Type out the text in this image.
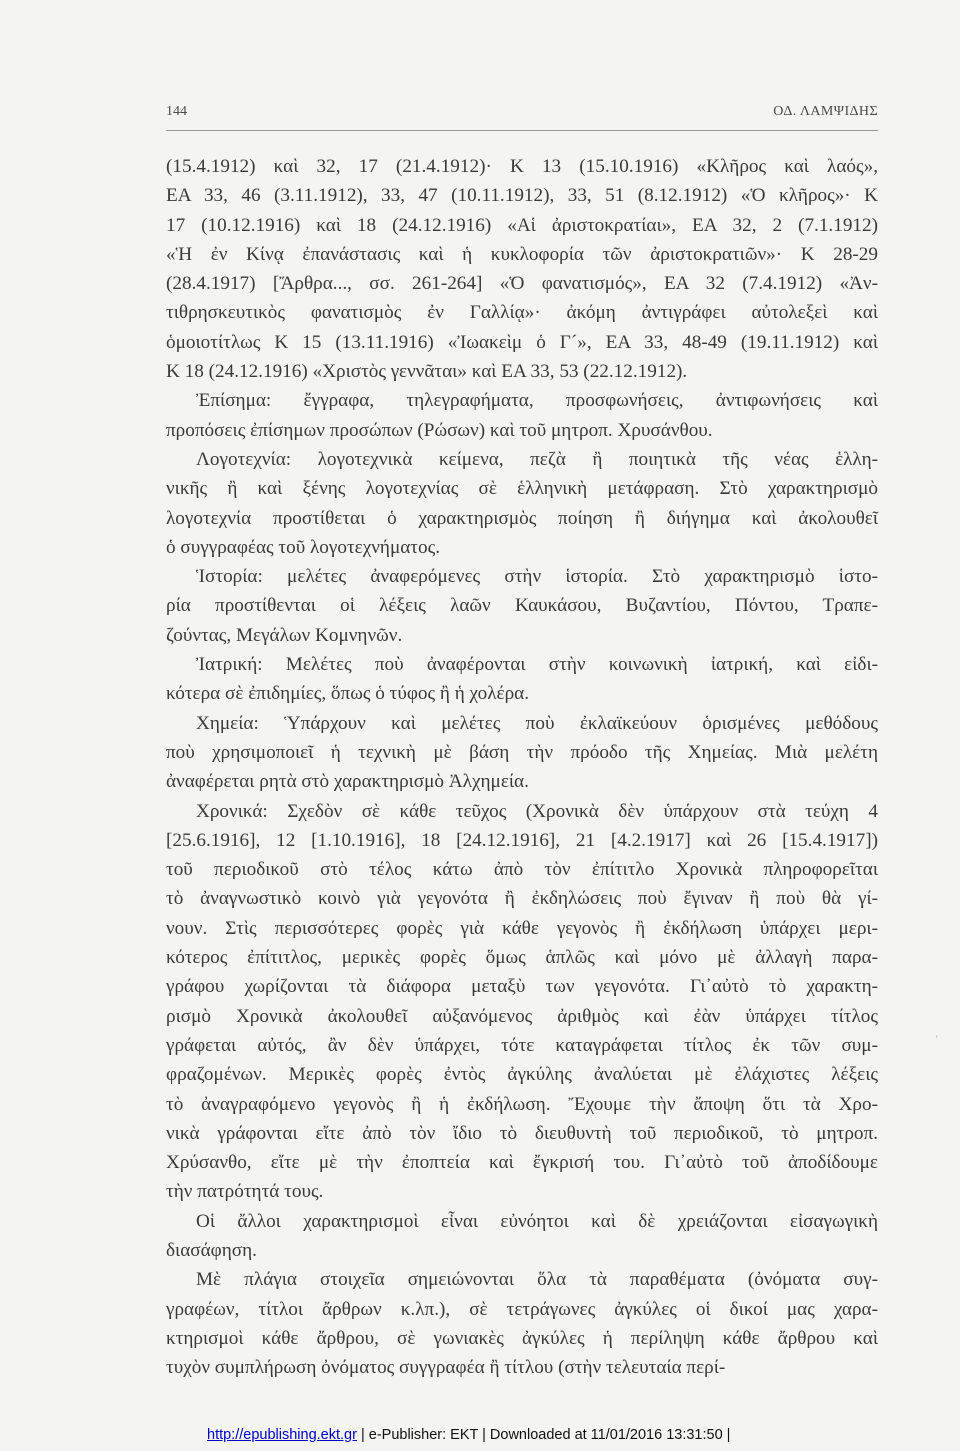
144	ΟΔ. ΛΑΜΨΙΔΗΣ
(15.4.1912) καὶ 32, 17 (21.4.1912)· Κ 13 (15.10.1916) «Κλῆρος καὶ λαός»,
ΕΑ 33, 46 (3.11.1912), 33, 47 (10.11.1912), 33, 51 (8.12.1912) «Ὁ κλῆρος»· Κ
17 (10.12.1916) καὶ 18 (24.12.1916) «Αἱ ἀριστοκρατίαι», ΕΑ 32, 2 (7.1.1912)
«Ἡ ἐν Κίνᾳ ἐπανάστασις καὶ ἡ κυκλοφορία τῶν ἀριστοκρατιῶν»· Κ 28-29
(28.4.1917) [Ἄρθρα..., σσ. 261-264] «Ὁ φανατισμός», ΕΑ 32 (7.4.1912) «Ἀν-
τιθρησκευτικὸς φανατισμὸς ἐν Γαλλίᾳ»· ἀκόμη ἀντιγράφει αὐτολεξεὶ καὶ
ὁμοιοτίτλως Κ 15 (13.11.1916) «Ἰωακεὶμ ὁ Γ´», ΕΑ 33, 48-49 (19.11.1912) καὶ
Κ 18 (24.12.1916) «Χριστὸς γεννᾶται» καὶ ΕΑ 33, 53 (22.12.1912).
Ἐπίσημα: ἔγγραφα, τηλεγραφήματα, προσφωνήσεις, ἀντιφωνήσεις καὶ
προπόσεις ἐπίσημων προσώπων (Ρώσων) καὶ τοῦ μητροπ. Χρυσάνθου.
Λογοτεχνία: λογοτεχνικὰ κείμενα, πεζὰ ἢ ποιητικὰ τῆς νέας ἑλλη-
νικῆς ἢ καὶ ξένης λογοτεχνίας σὲ ἑλληνικὴ μετάφραση. Στὸ χαρακτηρισμὸ
λογοτεχνία προστίθεται ὁ χαρακτηρισμὸς ποίηση ἢ διήγημα καὶ ἀκολουθεῖ
ὁ συγγραφέας τοῦ λογοτεχνήματος.
Ἱστορία: μελέτες ἀναφερόμενες στὴν ἱστορία. Στὸ χαρακτηρισμὸ ἱστο-
ρία προστίθενται οἱ λέξεις λαῶν Καυκάσου, Βυζαντίου, Πόντου, Τραπε-
ζούντας, Μεγάλων Κομνηνῶν.
Ἰατρική: Μελέτες ποὺ ἀναφέρονται στὴν κοινωνικὴ ἰατρική, καὶ εἰδι-
κότερα σὲ ἐπιδημίες, ὅπως ὁ τύφος ἢ ἡ χολέρα.
Χημεία: Ὑπάρχουν καὶ μελέτες ποὺ ἐκλαϊκεύουν ὁρισμένες μεθόδους
ποὺ χρησιμοποιεῖ ἡ τεχνικὴ μὲ βάση τὴν πρόοδο τῆς Χημείας. Μιὰ μελέτη
ἀναφέρεται ρητὰ στὸ χαρακτηρισμὸ Ἀλχημεία.
Χρονικά: Σχεδὸν σὲ κάθε τεῦχος (Χρονικὰ δὲν ὑπάρχουν στὰ τεύχη 4
[25.6.1916], 12 [1.10.1916], 18 [24.12.1916], 21 [4.2.1917] καὶ 26 [15.4.1917])
τοῦ περιοδικοῦ στὸ τέλος κάτω ἀπὸ τὸν ἐπίτιτλο Χρονικὰ πληροφορεῖται
τὸ ἀναγνωστικὸ κοινὸ γιὰ γεγονότα ἢ ἐκδηλώσεις ποὺ ἔγιναν ἢ ποὺ θὰ γί-
νουν. Στὶς περισσότερες φορὲς γιὰ κάθε γεγονὸς ἢ ἐκδήλωση ὑπάρχει μερι-
κότερος ἐπίτιτλος, μερικὲς φορὲς ὅμως ἁπλῶς καὶ μόνο μὲ ἀλλαγὴ παρα-
γράφου χωρίζονται τὰ διάφορα μεταξὺ των γεγονότα. Γι᾽αὐτὸ τὸ χαρακτη-
ρισμὸ Χρονικὰ ἀκολουθεῖ αὐξανόμενος ἀριθμὸς καὶ ἐὰν ὑπάρχει τίτλος
γράφεται αὐτός, ἂν δὲν ὑπάρχει, τότε καταγράφεται τίτλος ἐκ τῶν συμ-
φραζομένων. Μερικὲς φορὲς ἐντὸς ἀγκύλης ἀναλύεται μὲ ἐλάχιστες λέξεις
τὸ ἀναγραφόμενο γεγονὸς ἢ ἡ ἐκδήλωση. Ἔχουμε τὴν ἄποψη ὅτι τὰ Χρο-
νικὰ γράφονται εἴτε ἀπὸ τὸν ἴδιο τὸ διευθυντὴ τοῦ περιοδικοῦ, τὸ μητροπ.
Χρύσανθο, εἴτε μὲ τὴν ἐποπτεία καὶ ἔγκρισή του. Γι᾽αὐτὸ τοῦ ἀποδίδουμε
τὴν πατρότητά τους.
Οἱ ἄλλοι χαρακτηρισμοὶ εἶναι εὐνόητοι καὶ δὲ χρειάζονται εἰσαγωγικὴ
διασάφηση.
Μὲ πλάγια στοιχεῖα σημειώνονται ὅλα τὰ παραθέματα (ὀνόματα συγ-
γραφέων, τίτλοι ἄρθρων κ.λπ.), σὲ τετράγωνες ἀγκύλες οἱ δικοί μας χαρα-
κτηρισμοὶ κάθε ἄρθρου, σὲ γωνιακὲς ἀγκύλες ἡ περίληψη κάθε ἄρθρου καὶ
τυχὸν συμπλήρωση ὀνόματος συγγραφέα ἢ τίτλου (στὴν τελευταία περί-
http://epublishing.ekt.gr | e-Publisher: EKT | Downloaded at 11/01/2016 13:31:50 |
'
